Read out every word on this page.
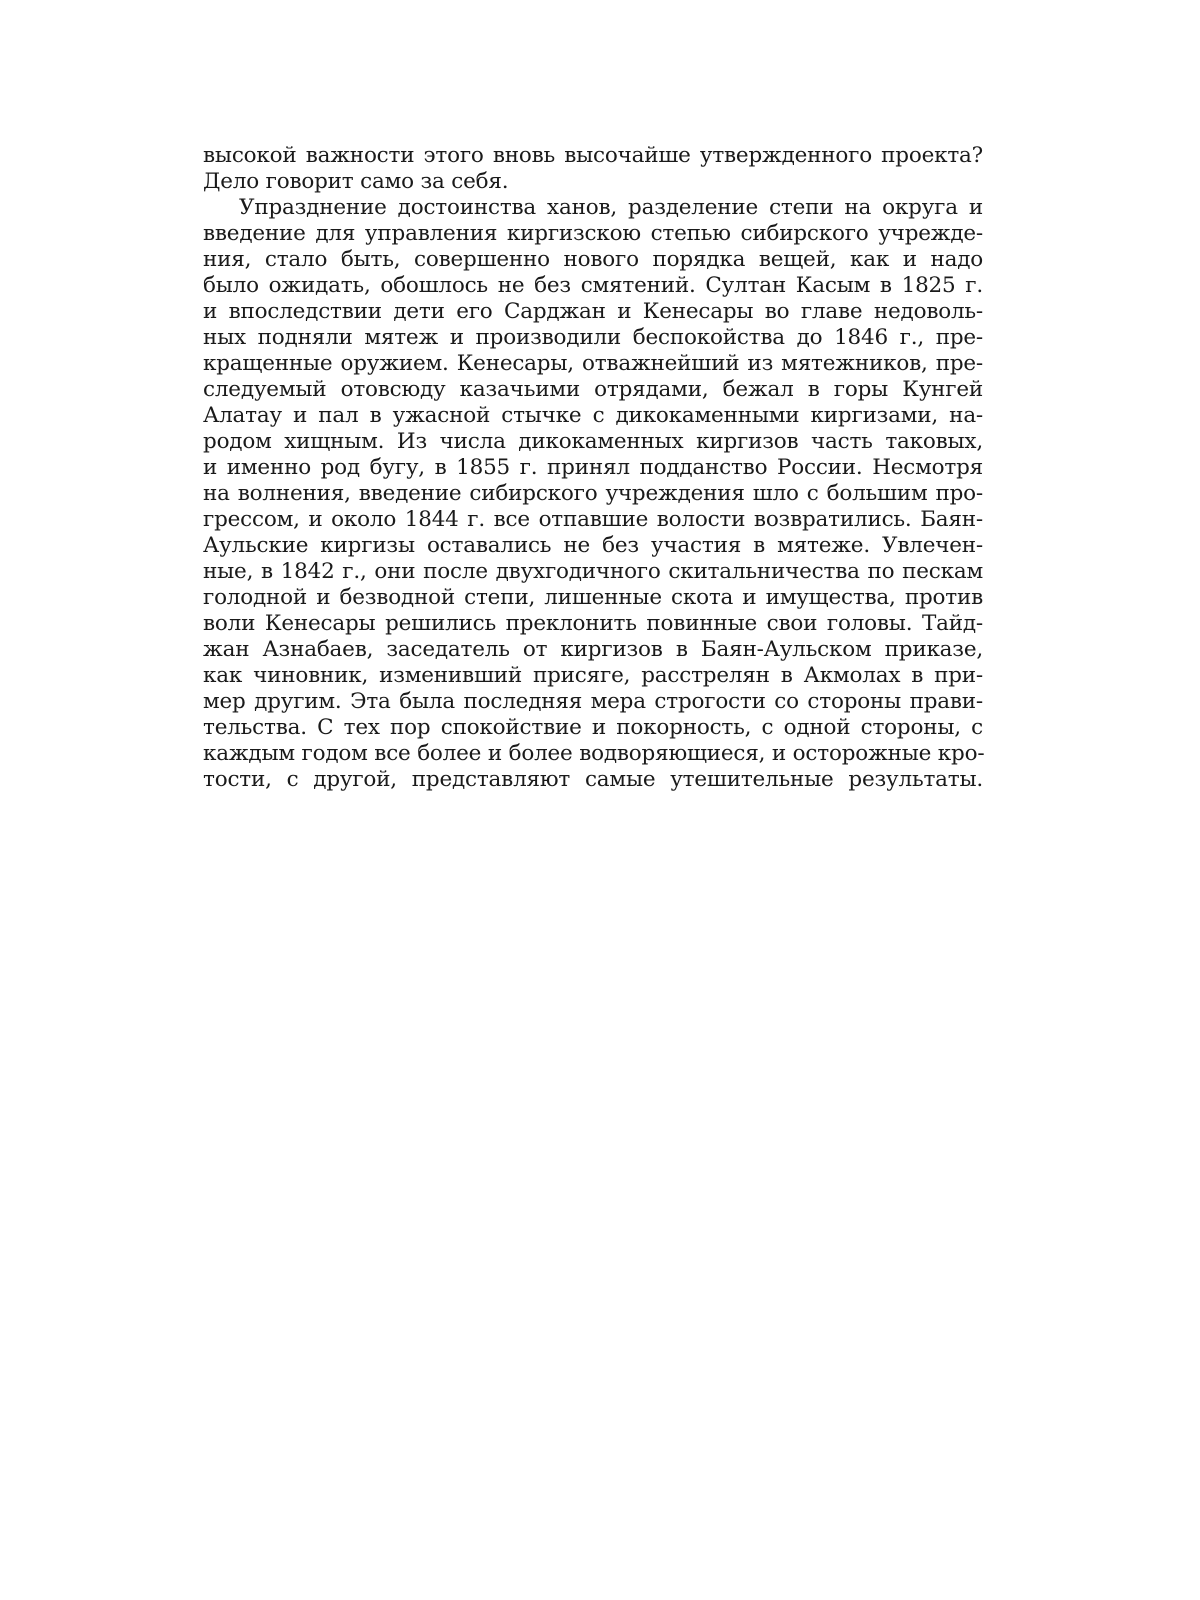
высокой важности этого вновь высочайше утвержденного проекта?
Дело говорит само за себя.
Упразднение достоинства ханов, разделение степи на округа и
введение для управления киргизскою степью сибирского учрежде-
ния, стало быть, совершенно нового порядка вещей, как и надо
было ожидать, обошлось не без смятений. Султан Касым в 1825 г.
и впоследствии дети его Сарджан и Кенесары во главе недоволь-
ных подняли мятеж и производили беспокойства до 1846 г., пре-
кращенные оружием. Кенесары, отважнейший из мятежников, пре-
следуемый отовсюду казачьими отрядами, бежал в горы Кунгей
Алатау и пал в ужасной стычке с дикокаменными киргизами, на-
родом хищным. Из числа дикокаменных киргизов часть таковых,
и именно род бугу, в 1855 г. принял подданство России. Несмотря
на волнения, введение сибирского учреждения шло с большим про-
грессом, и около 1844 г. все отпавшие волости возвратились. Баян-
Аульские киргизы оставались не без участия в мятеже. Увлечен-
ные, в 1842 г., они после двухгодичного скитальничества по пескам
голодной и безводной степи, лишенные скота и имущества, против
воли Кенесары решились преклонить повинные свои головы. Тайд-
жан Азнабаев, заседатель от киргизов в Баян-Аульском приказе,
как чиновник, изменивший присяге, расстрелян в Акмолах в при-
мер другим. Эта была последняя мера строгости со стороны прави-
тельства. С тех пор спокойствие и покорность, с одной стороны, с
каждым годом все более и более водворяющиеся, и осторожные кро-
тости, с другой, представляют самые утешительные результаты.
